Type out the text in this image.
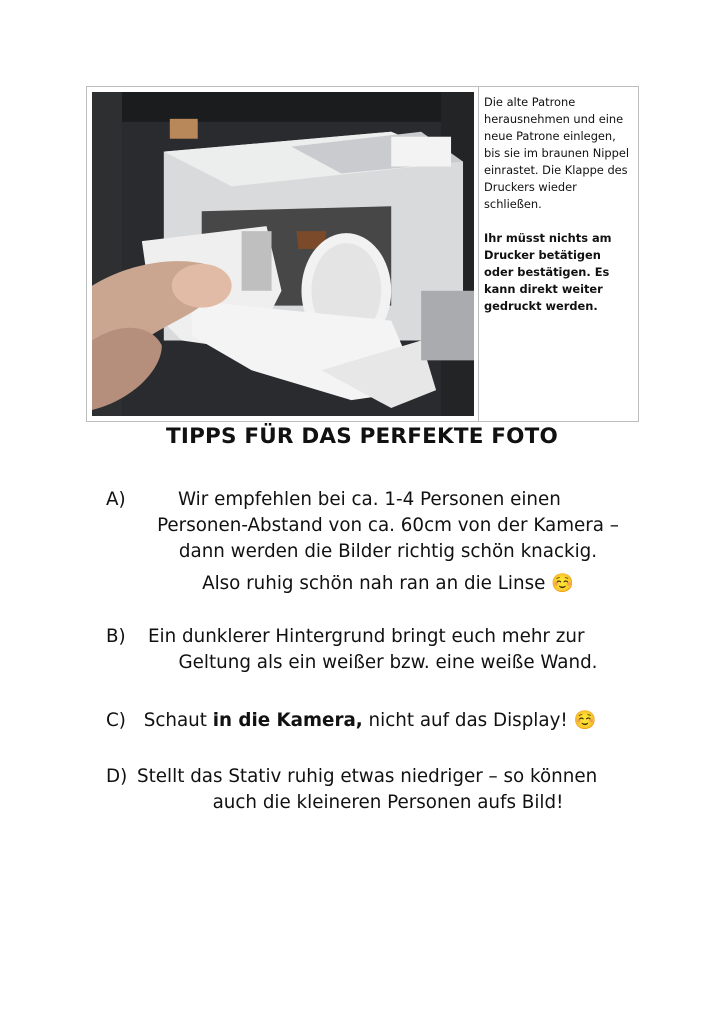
Die alte Patrone herausnehmen und eine neue Patrone einlegen, bis sie im braunen Nippel einrastet. Die Klappe des Druckers wieder schließen.

Ihr müsst nichts am Drucker betätigen oder bestätigen. Es kann direkt weiter gedruckt werden.

TIPPS FÜR DAS PERFEKTE FOTO
A)	Wir empfehlen bei ca. 1-4 Personen einen
Personen-Abstand von ca. 60cm von der Kamera –
dann werden die Bilder richtig schön knackig.
Also ruhig schön nah ran an die Linse ☺️
B) Ein dunklerer Hintergrund bringt euch mehr zur
Geltung als ein weißer bzw. eine weiße Wand.
C) Schaut in die Kamera, nicht auf das Display! ☺️
D) Stellt das Stativ ruhig etwas niedriger – so können
auch die kleineren Personen aufs Bild!
